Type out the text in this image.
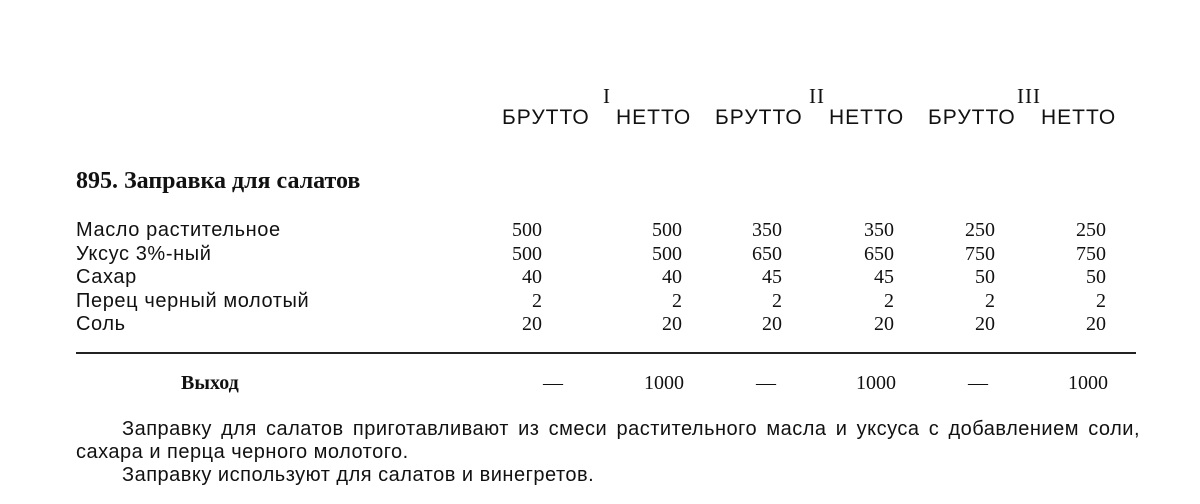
I	II	III
БРУТТО НЕТТО БРУТТО НЕТТО БРУТТО НЕТТО
895. Заправка для салатов
Масло растительное	500	500	350	350	250	250
Уксус 3%-ный	500	500	650	650	750	750
Сахар	40	40	45	45	50	50
Перец черный молотый	2	2	2	2	2	2
Соль	20	20	20	20	20	20
Выход	—	1000	—	1000	—	1000

Заправку для салатов приготавливают из смеси растительного масла и уксуса с добавлением соли, сахара и перца черного молотого.

Заправку используют для салатов и винегретов.
